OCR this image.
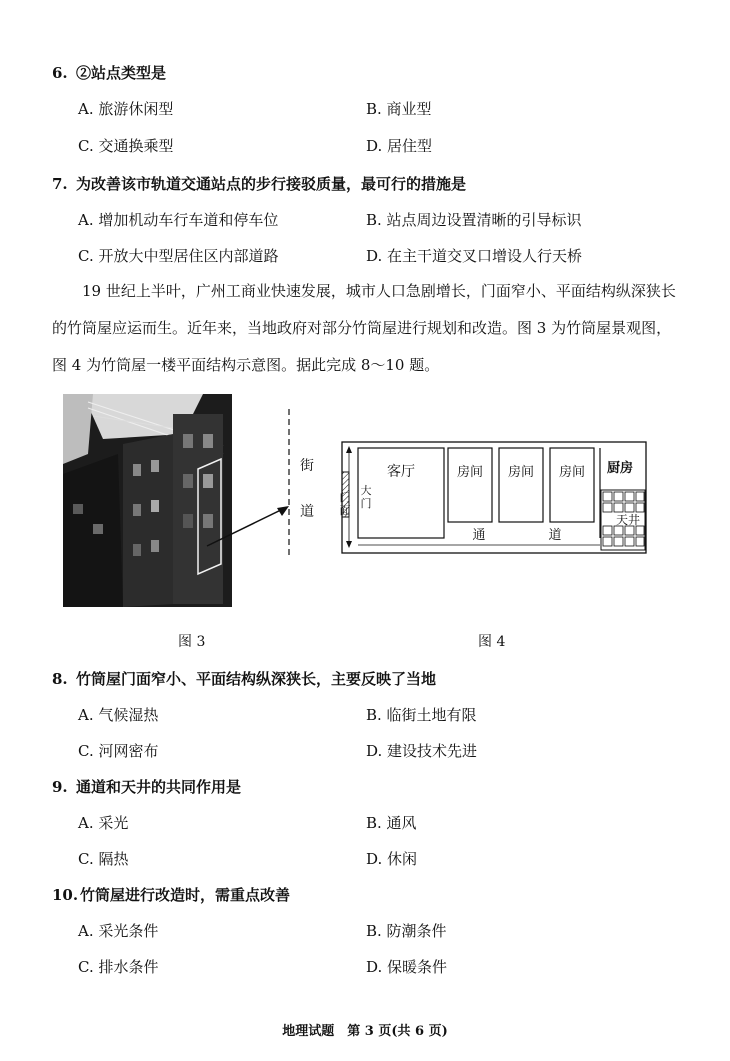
6. ②站点类型是
A. 旅游休闲型	B. 商业型
C. 交通换乘型	D. 居住型
7. 为改善该市轨道交通站点的步行接驳质量，最可行的措施是
A. 增加机动车行车道和停车位	B. 站点周边设置清晰的引导标识
C. 开放大中型居住区内部道路	D. 在主干道交叉口增设人行天桥
19 世纪上半叶，广州工商业快速发展，城市人口急剧增长，门面窄小、平面结构纵深狭长
的竹筒屋应运而生。近年来，当地政府对部分竹筒屋进行规划和改造。图 3 为竹筒屋景观图，
图 4 为竹筒屋一楼平面结构示意图。据此完成 8～10 题。
街
道
门
面
大
门
客厅	房间 房间 房间 厨房
天井
通	道
图 3	图 4
8. 竹筒屋门面窄小、平面结构纵深狭长，主要反映了当地
A. 气候湿热	B. 临街土地有限
C. 河网密布	D. 建设技术先进
9. 通道和天井的共同作用是
A. 采光	B. 通风
C. 隔热	D. 休闲
10. 竹筒屋进行改造时，需重点改善
A. 采光条件	B. 防潮条件
C. 排水条件	D. 保暖条件
地理试题　第 3 页(共 6 页)
